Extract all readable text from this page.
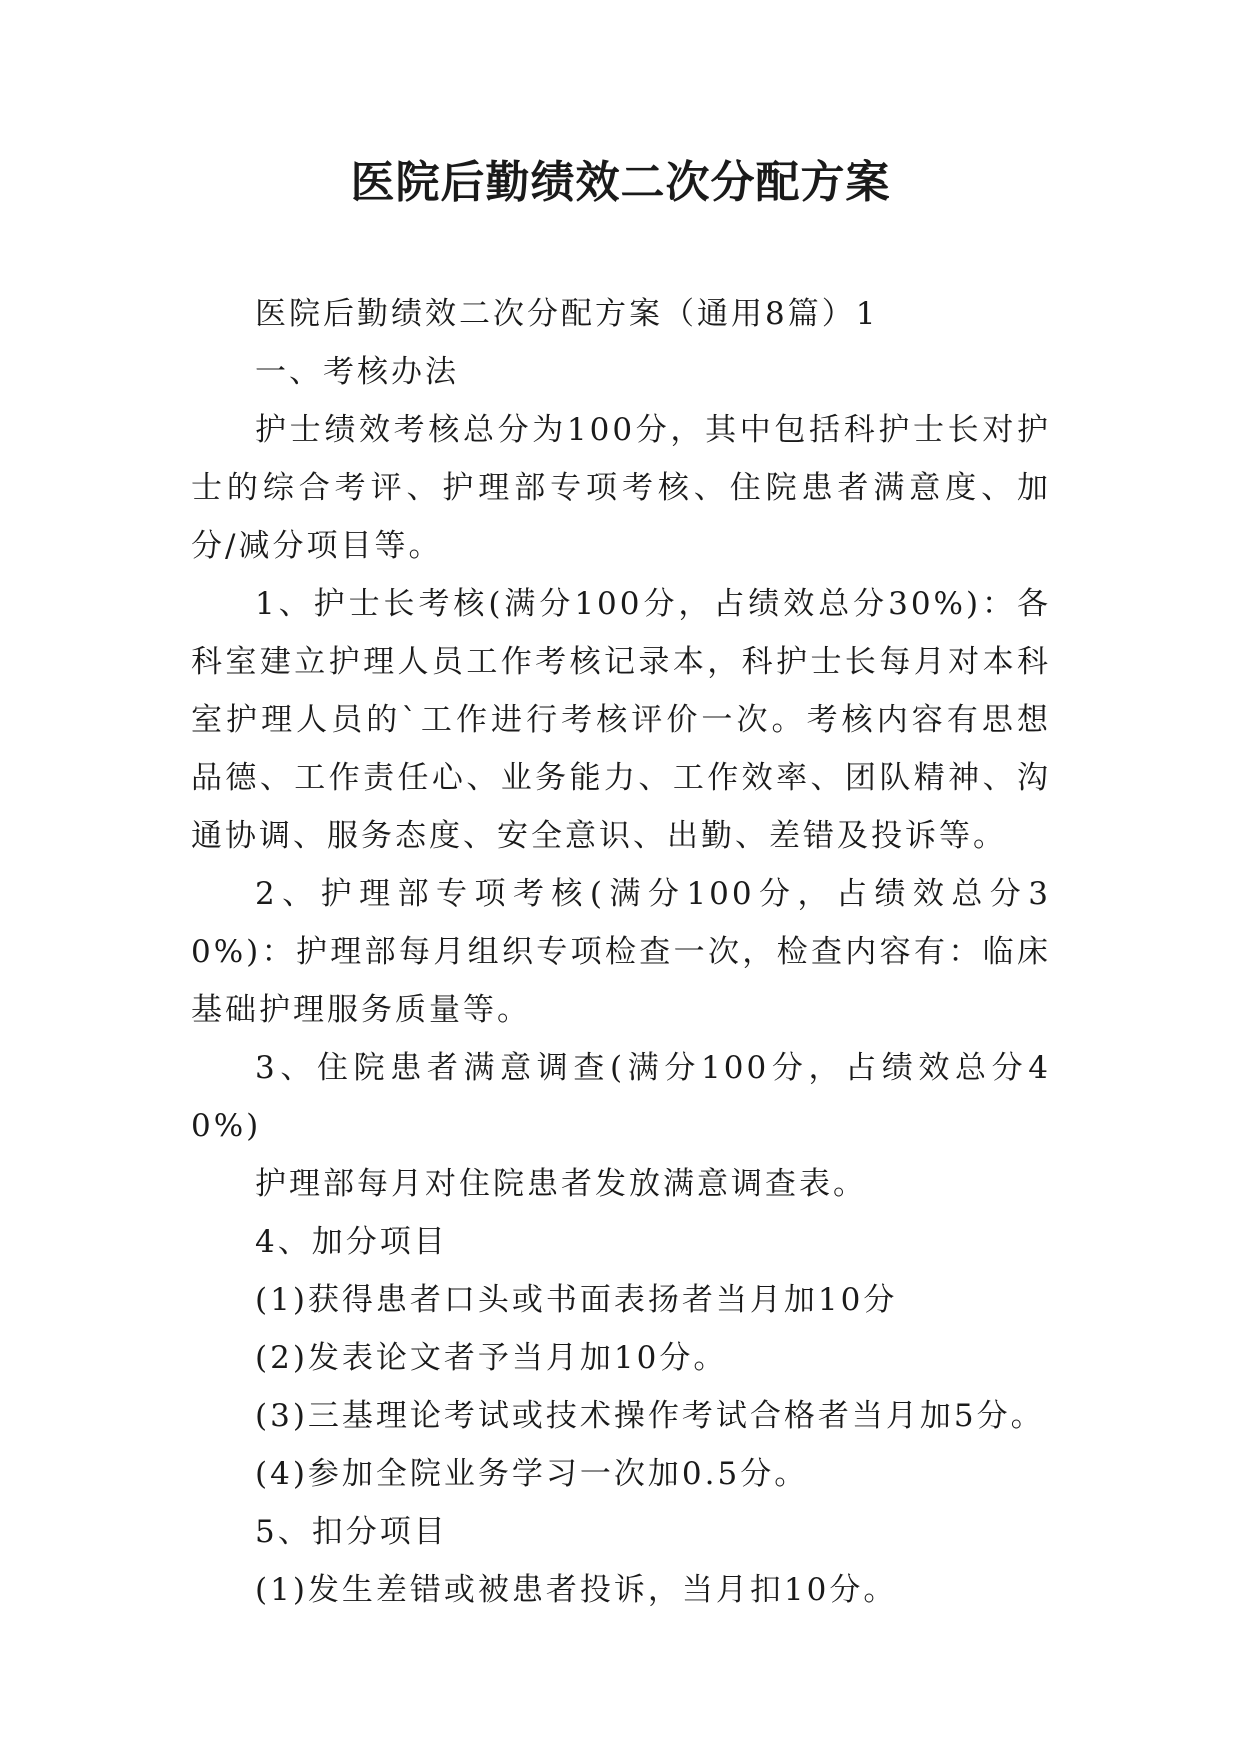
医院后勤绩效二次分配方案

医院后勤绩效二次分配方案（通用8篇）1

一、考核办法

护士绩效考核总分为100分，其中包括科护士长对护士的综合考评、护理部专项考核、住院患者满意度、加分/减分项目等。

1、护士长考核(满分100分，占绩效总分30%)：各科室建立护理人员工作考核记录本，科护士长每月对本科室护理人员的`工作进行考核评价一次。考核内容有思想品德、工作责任心、业务能力、工作效率、团队精神、沟通协调、服务态度、安全意识、出勤、差错及投诉等。

2、护理部专项考核(满分100分，占绩效总分30%)：护理部每月组织专项检查一次，检查内容有：临床基础护理服务质量等。

3、住院患者满意调查(满分100分，占绩效总分40%)

护理部每月对住院患者发放满意调查表。

4、加分项目

(1)获得患者口头或书面表扬者当月加10分

(2)发表论文者予当月加10分。

(3)三基理论考试或技术操作考试合格者当月加5分。

(4)参加全院业务学习一次加0.5分。

5、扣分项目

(1)发生差错或被患者投诉，当月扣10分。
